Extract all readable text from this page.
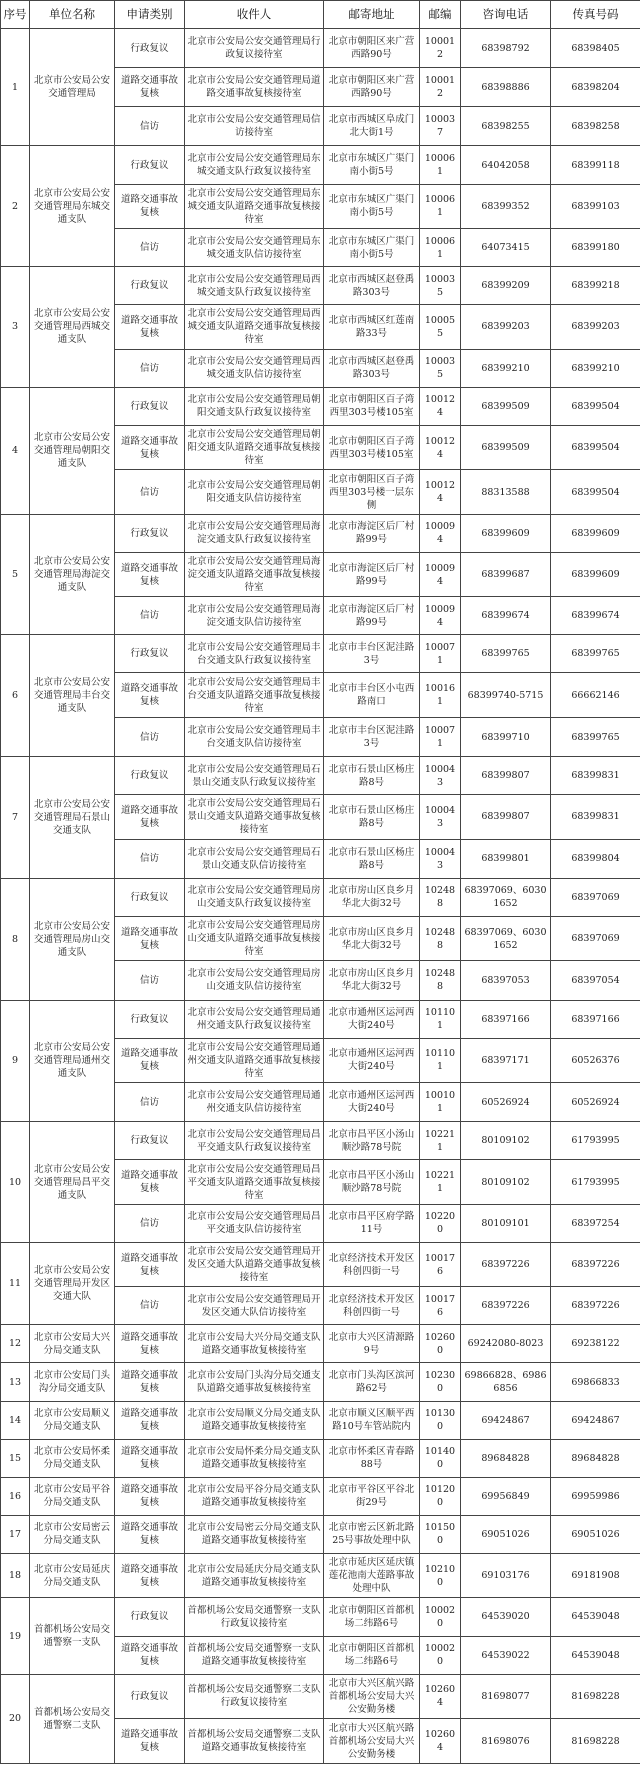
序号	单位名称	申请类别	收件人	邮寄地址	邮编	咨询电话	传真号码
1	北京市公安局公安交通管理局	行政复议	北京市公安局公安交通管理局行政复议接待室	北京市朝阳区来广营西路90号	100012	68398792	68398405
		道路交通事故复核	北京市公安局公安交通管理局道路交通事故复核接待室	北京市朝阳区来广营西路90号	100012	68398886	68398204
		信访	北京市公安局公安交通管理局信访接待室	北京市西城区阜成门北大街1号	100037	68398255	68398258
2	北京市公安局公安交通管理局东城交通支队	行政复议	北京市公安局公安交通管理局东城交通支队行政复议接待室	北京市东城区广渠门南小街5号	100061	64042058	68399118
		道路交通事故复核	北京市公安局公安交通管理局东城交通支队道路交通事故复核接待室	北京市东城区广渠门南小街5号	100061	68399352	68399103
		信访	北京市公安局公安交通管理局东城交通支队信访接待室	北京市东城区广渠门南小街5号	100061	64073415	68399180
3	北京市公安局公安交通管理局西城交通支队	行政复议	北京市公安局公安交通管理局西城交通支队行政复议接待室	北京市西城区赵登禹路303号	100035	68399209	68399218
		道路交通事故复核	北京市公安局公安交通管理局西城交通支队道路交通事故复核接待室	北京市西城区红莲南路33号	100055	68399203	68399203
		信访	北京市公安局公安交通管理局西城交通支队信访接待室	北京市西城区赵登禹路303号	100035	68399210	68399210
4	北京市公安局公安交通管理局朝阳交通支队	行政复议	北京市公安局公安交通管理局朝阳交通支队行政复议接待室	北京市朝阳区百子湾西里303号楼105室	100124	68399509	68399504
		道路交通事故复核	北京市公安局公安交通管理局朝阳交通支队道路交通事故复核接待室	北京市朝阳区百子湾西里303号楼105室	100124	68399509	68399504
		信访	北京市公安局公安交通管理局朝阳交通支队信访接待室	北京市朝阳区百子湾西里303号楼一层东侧	100124	88313588	68399504
5	北京市公安局公安交通管理局海淀交通支队	行政复议	北京市公安局公安交通管理局海淀交通支队行政复议接待室	北京市海淀区后厂村路99号	100094	68399609	68399609
		道路交通事故复核	北京市公安局公安交通管理局海淀交通支队道路交通事故复核接待室	北京市海淀区后厂村路99号	100094	68399687	68399609
		信访	北京市公安局公安交通管理局海淀交通支队信访接待室	北京市海淀区后厂村路99号	100094	68399674	68399674
6	北京市公安局公安交通管理局丰台交通支队	行政复议	北京市公安局公安交通管理局丰台交通支队行政复议接待室	北京市丰台区泥洼路3号	100071	68399765	68399765
		道路交通事故复核	北京市公安局公安交通管理局丰台交通支队道路交通事故复核接待室	北京市丰台区小屯西路南口	100161	68399740-5715	66662146
		信访	北京市公安局公安交通管理局丰台交通支队信访接待室	北京市丰台区泥洼路3号	100071	68399710	68399765
7	北京市公安局公安交通管理局石景山交通支队	行政复议	北京市公安局公安交通管理局石景山交通支队行政复议接待室	北京市石景山区杨庄路8号	100043	68399807	68399831
		道路交通事故复核	北京市公安局公安交通管理局石景山交通支队道路交通事故复核接待室	北京市石景山区杨庄路8号	100043	68399807	68399831
		信访	北京市公安局公安交通管理局石景山交通支队信访接待室	北京市石景山区杨庄路8号	100043	68399801	68399804
8	北京市公安局公安交通管理局房山交通支队	行政复议	北京市公安局公安交通管理局房山交通支队行政复议接待室	北京市房山区良乡月华北大街32号	102488	68397069、60301652	68397069
		道路交通事故复核	北京市公安局公安交通管理局房山交通支队道路交通事故复核接待室	北京市房山区良乡月华北大街32号	102488	68397069、60301652	68397069
		信访	北京市公安局公安交通管理局房山交通支队信访接待室	北京市房山区良乡月华北大街32号	102488	68397053	68397054
9	北京市公安局公安交通管理局通州交通支队	行政复议	北京市公安局公安交通管理局通州交通支队行政复议接待室	北京市通州区运河西大街240号	101101	68397166	68397166
		道路交通事故复核	北京市公安局公安交通管理局通州交通支队道路交通事故复核接待室	北京市通州区运河西大街240号	101101	68397171	60526376
		信访	北京市公安局公安交通管理局通州交通支队信访接待室	北京市通州区运河西大街240号	100101	60526924	60526924
10	北京市公安局公安交通管理局昌平交通支队	行政复议	北京市公安局公安交通管理局昌平交通支队行政复议接待室	北京市昌平区小汤山顺沙路78号院	102211	80109102	61793995
		道路交通事故复核	北京市公安局公安交通管理局昌平交通支队道路交通事故复核接待室	北京市昌平区小汤山顺沙路78号院	102211	80109102	61793995
		信访	北京市公安局公安交通管理局昌平交通支队信访接待室	北京市昌平区府学路11号	102200	80109101	68397254
11	北京市公安局公安交通管理局开发区交通大队	道路交通事故复核	北京市公安局公安交通管理局开发区交通大队道路交通事故复核接待室	北京经济技术开发区科创四街一号	100176	68397226	68397226
		信访	北京市公安局公安交通管理局开发区交通大队信访接待室	北京经济技术开发区科创四街一号	100176	68397226	68397226
12	北京市公安局大兴分局交通支队	道路交通事故复核	北京市公安局大兴分局交通支队道路交通事故复核接待室	北京市大兴区清源路9号	102600	69242080-8023	69238122
13	北京市公安局门头沟分局交通支队	道路交通事故复核	北京市公安局门头沟分局交通支队道路交通事故复核接待室	北京市门头沟区滨河路62号	102300	69866828、69866856	69866833
14	北京市公安局顺义分局交通支队	道路交通事故复核	北京市公安局顺义分局交通支队道路交通事故复核接待室	北京市顺义区顺平西路10号车管站院内	101300	69424867	69424867
15	北京市公安局怀柔分局交通支队	道路交通事故复核	北京市公安局怀柔分局交通支队道路交通事故复核接待室	北京市怀柔区青春路88号	101400	89684828	89684828
16	北京市公安局平谷分局交通支队	道路交通事故复核	北京市公安局平谷分局交通支队道路交通事故复核接待室	北京市平谷区平谷北街29号	101200	69956849	69959986
17	北京市公安局密云分局交通支队	道路交通事故复核	北京市公安局密云分局交通支队道路交通事故复核接待室	北京市密云区新北路25号事故处理中队	101500	69051026	69051026
18	北京市公安局延庆分局交通支队	道路交通事故复核	北京市公安局延庆分局交通支队道路交通事故复核接待室	北京市延庆区延庆镇莲花池南大莲路事故处理中队	102100	69103176	69181908
19	首都机场公安局交通警察一支队	行政复议	首都机场公安局交通警察一支队行政复议接待室	北京市朝阳区首都机场二纬路6号	100020	64539020	64539048
		道路交通事故复核	首都机场公安局交通警察一支队道路交通事故复核接待室	北京市朝阳区首都机场二纬路6号	100020	64539022	64539048
20	首都机场公安局交通警察二支队	行政复议	首都机场公安局交通警察二支队行政复议接待室	北京市大兴区航兴路首都机场公安局大兴公安勤务楼	102604	81698077	81698228
		道路交通事故复核	首都机场公安局交通警察二支队道路交通事故复核接待室	北京市大兴区航兴路首都机场公安局大兴公安勤务楼	102604	81698076	81698228
